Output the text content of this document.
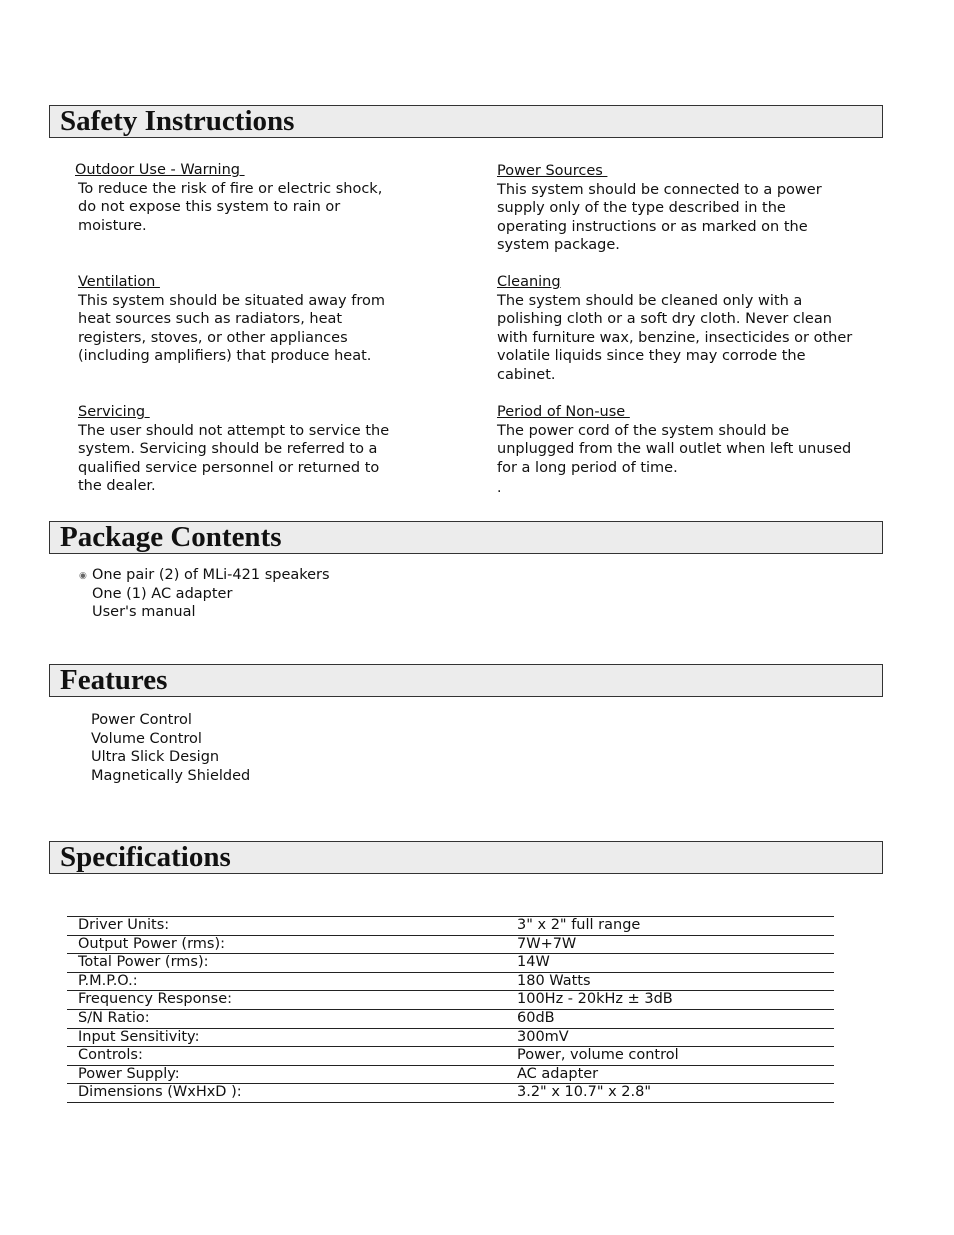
Safety Instructions
Outdoor Use - Warning
To reduce the risk of fire or electric shock, do not expose this system to rain or moisture.
Power Sources
This system should be connected to a power supply only of the type described in the operating instructions or as marked on the system package.
Ventilation
This system should be situated away from heat sources such as radiators, heat registers, stoves, or other appliances (including amplifiers) that produce heat.
Cleaning
The system should be cleaned only with a polishing cloth or a soft dry cloth. Never clean with furniture wax, benzine, insecticides or other volatile liquids since they may corrode the cabinet.
Servicing
The user should not attempt to service the system. Servicing should be referred to a qualified service personnel or returned to the dealer.
Period of Non-use
The power cord of the system should be unplugged from the wall outlet when left unused for a long period of time.
.
Package Contents
◉ One pair (2) of MLi-421 speakers
One (1) AC adapter
User's manual
Features
Power Control
Volume Control
Ultra Slick Design
Magnetically Shielded
Specifications
Driver Units:	3" x 2" full range
Output Power (rms):	7W+7W
Total Power (rms):	14W
P.M.P.O.:	180 Watts
Frequency Response:	100Hz - 20kHz ± 3dB
S/N Ratio:	60dB
Input Sensitivity:	300mV
Controls:	Power, volume control
Power Supply:	AC adapter
Dimensions (WxHxD ):	3.2" x 10.7" x 2.8"
